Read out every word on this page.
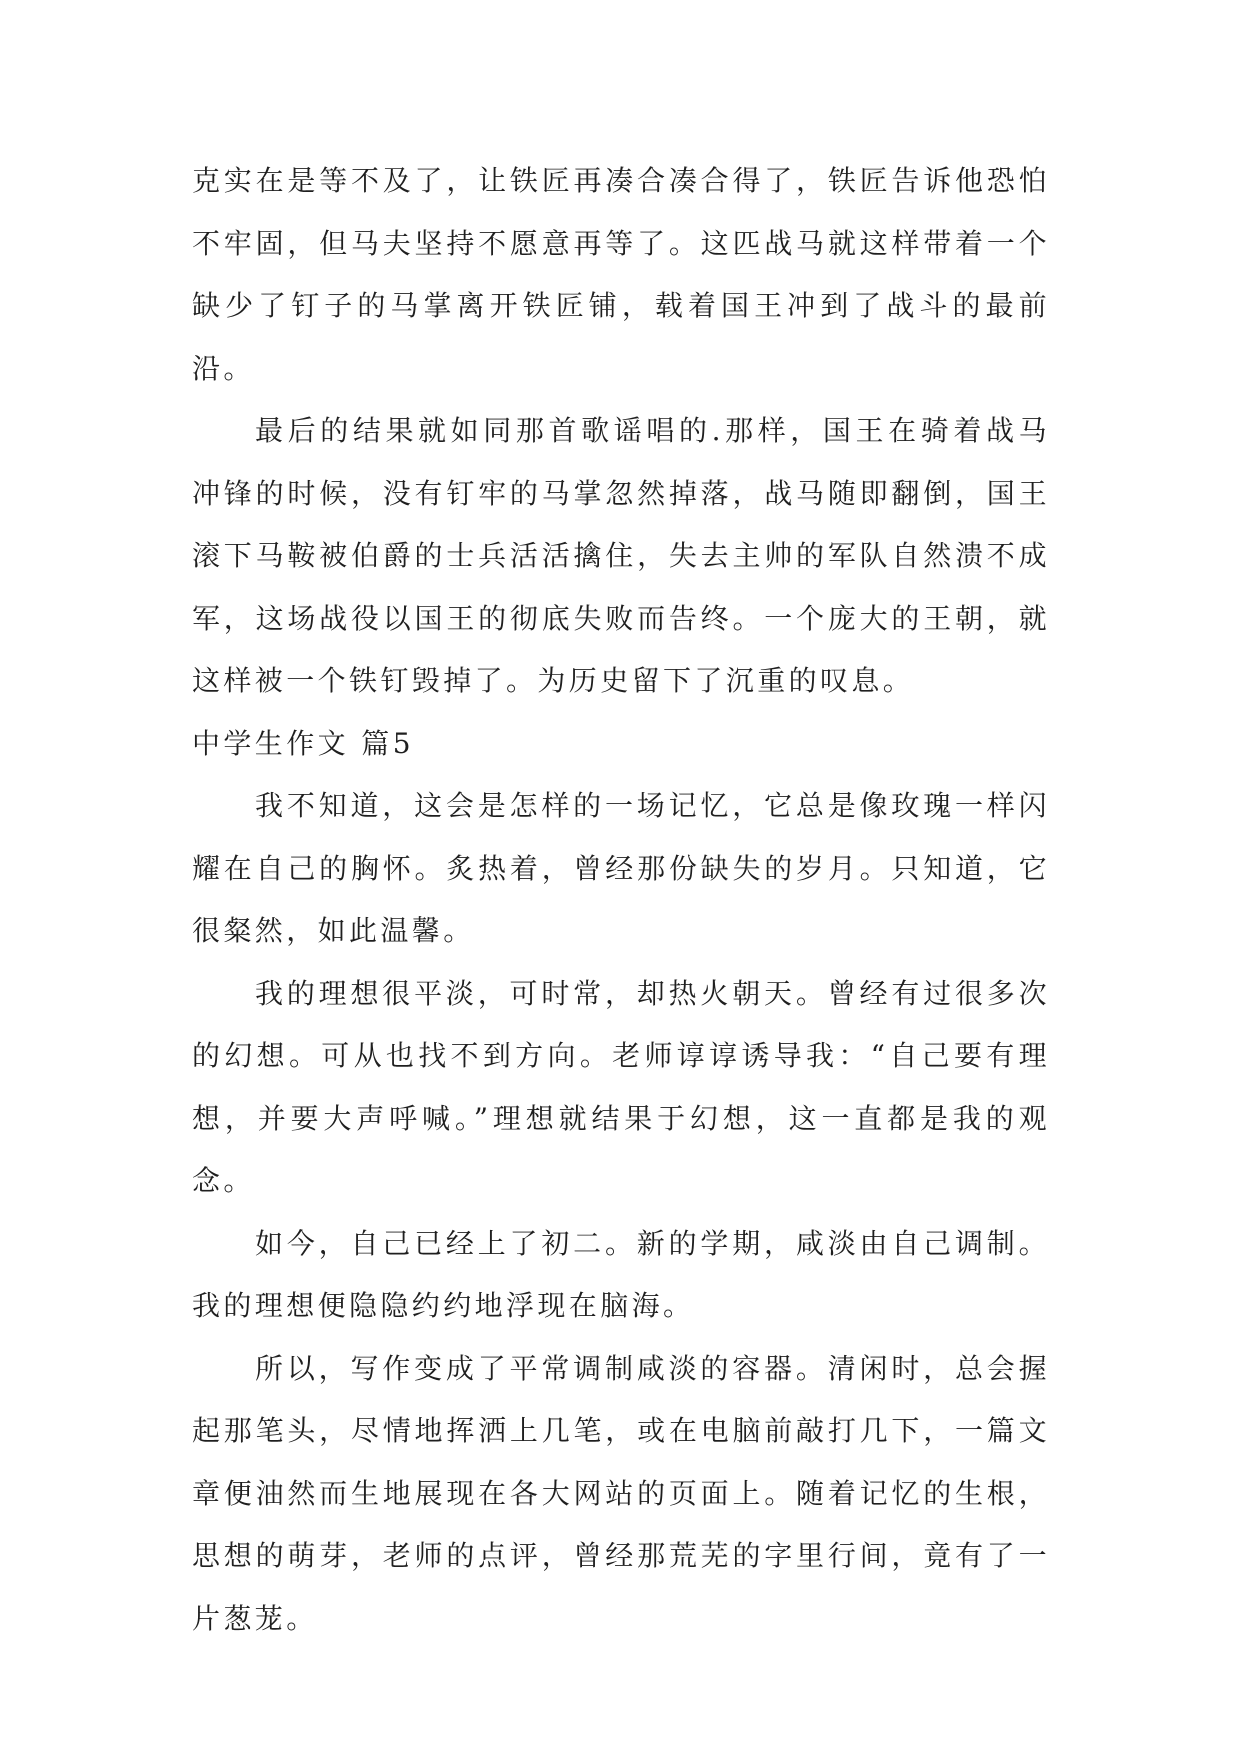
克实在是等不及了，让铁匠再凑合凑合得了，铁匠告诉他恐怕不牢固，但马夫坚持不愿意再等了。这匹战马就这样带着一个缺少了钉子的马掌离开铁匠铺，载着国王冲到了战斗的最前沿。

最后的结果就如同那首歌谣唱的.那样，国王在骑着战马冲锋的时候，没有钉牢的马掌忽然掉落，战马随即翻倒，国王滚下马鞍被伯爵的士兵活活擒住，失去主帅的军队自然溃不成军，这场战役以国王的彻底失败而告终。一个庞大的王朝，就这样被一个铁钉毁掉了。为历史留下了沉重的叹息。

中学生作文 篇5

我不知道，这会是怎样的一场记忆，它总是像玫瑰一样闪耀在自己的胸怀。炙热着，曾经那份缺失的岁月。只知道，它很粲然，如此温馨。

我的理想很平淡，可时常，却热火朝天。曾经有过很多次的幻想。可从也找不到方向。老师谆谆诱导我：“自己要有理想，并要大声呼喊。”理想就结果于幻想，这一直都是我的观念。

如今，自己已经上了初二。新的学期，咸淡由自己调制。我的理想便隐隐约约地浮现在脑海。

所以，写作变成了平常调制咸淡的容器。清闲时，总会握起那笔头，尽情地挥洒上几笔，或在电脑前敲打几下，一篇文章便油然而生地展现在各大网站的页面上。随着记忆的生根，思想的萌芽，老师的点评，曾经那荒芜的字里行间，竟有了一片葱茏。
